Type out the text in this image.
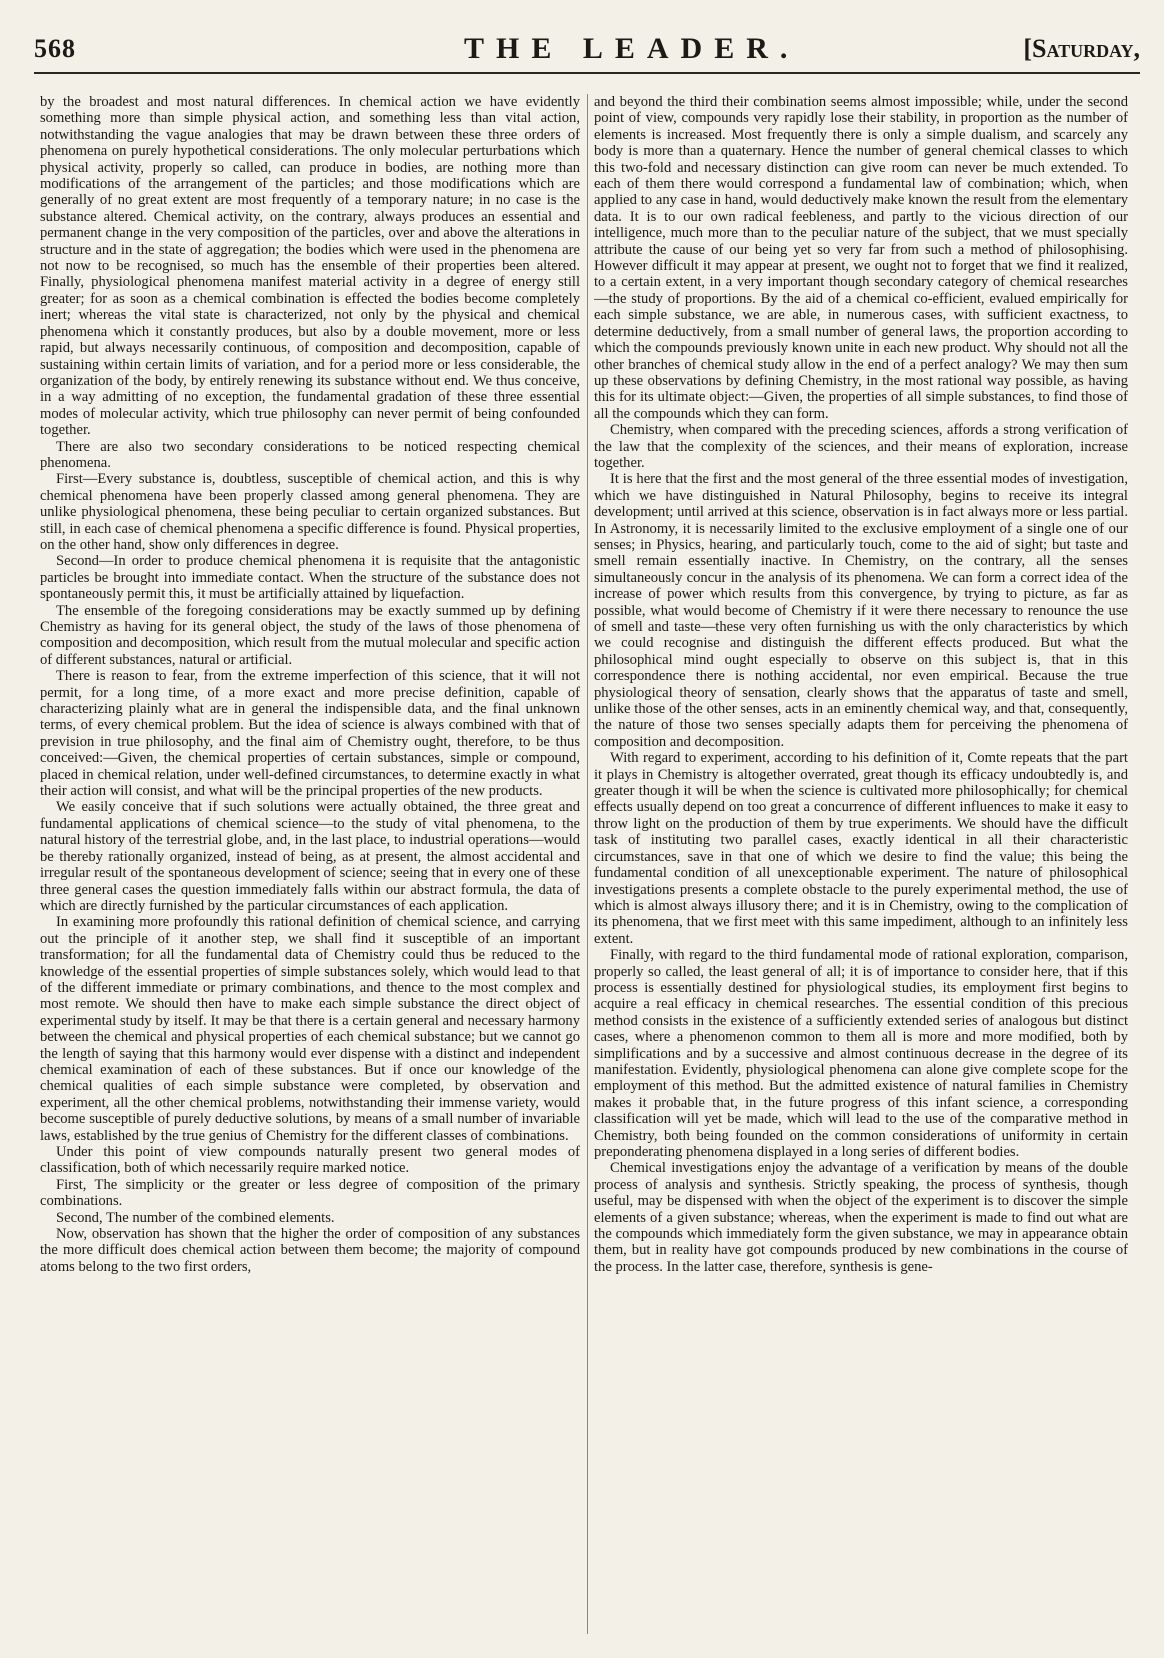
568	THE LEADER.	[Saturday,

by the broadest and most natural differences. In chemical action we have evidently something more than simple physical action, and something less than vital action, notwithstanding the vague analogies that may be drawn between these three orders of phenomena on purely hypothetical considerations. The only molecular perturbations which physical activity, properly so called, can produce in bodies, are nothing more than modifications of the arrangement of the particles; and those modifications which are generally of no great extent are most frequently of a temporary nature; in no case is the substance altered. Chemical activity, on the contrary, always produces an essential and permanent change in the very composition of the particles, over and above the alterations in structure and in the state of aggregation; the bodies which were used in the phenomena are not now to be recognised, so much has the ensemble of their properties been altered. Finally, physiological phenomena manifest material activity in a degree of energy still greater; for as soon as a chemical combination is effected the bodies become completely inert; whereas the vital state is characterized, not only by the physical and chemical phenomena which it constantly produces, but also by a double movement, more or less rapid, but always necessarily continuous, of composition and decomposition, capable of sustaining within certain limits of variation, and for a period more or less considerable, the organization of the body, by entirely renewing its substance without end. We thus conceive, in a way admitting of no exception, the fundamental gradation of these three essential modes of molecular activity, which true philosophy can never permit of being confounded together.

There are also two secondary considerations to be noticed respecting chemical phenomena.

First—Every substance is, doubtless, susceptible of chemical action, and this is why chemical phenomena have been properly classed among general phenomena. They are unlike physiological phenomena, these being peculiar to certain organized substances. But still, in each case of chemical phenomena a specific difference is found. Physical properties, on the other hand, show only differences in degree.

Second—In order to produce chemical phenomena it is requisite that the antagonistic particles be brought into immediate contact. When the structure of the substance does not spontaneously permit this, it must be artificially attained by liquefaction.

The ensemble of the foregoing considerations may be exactly summed up by defining Chemistry as having for its general object, the study of the laws of those phenomena of composition and decomposition, which result from the mutual molecular and specific action of different substances, natural or artificial.

There is reason to fear, from the extreme imperfection of this science, that it will not permit, for a long time, of a more exact and more precise definition, capable of characterizing plainly what are in general the indispensible data, and the final unknown terms, of every chemical problem. But the idea of science is always combined with that of prevision in true philosophy, and the final aim of Chemistry ought, therefore, to be thus conceived:—Given, the chemical properties of certain substances, simple or compound, placed in chemical relation, under well-defined circumstances, to determine exactly in what their action will consist, and what will be the principal properties of the new products.

We easily conceive that if such solutions were actually obtained, the three great and fundamental applications of chemical science—to the study of vital phenomena, to the natural history of the terrestrial globe, and, in the last place, to industrial operations—would be thereby rationally organized, instead of being, as at present, the almost accidental and irregular result of the spontaneous development of science; seeing that in every one of these three general cases the question immediately falls within our abstract formula, the data of which are directly furnished by the particular circumstances of each application.

In examining more profoundly this rational definition of chemical science, and carrying out the principle of it another step, we shall find it susceptible of an important transformation; for all the fundamental data of Chemistry could thus be reduced to the knowledge of the essential properties of simple substances solely, which would lead to that of the different immediate or primary combinations, and thence to the most complex and most remote. We should then have to make each simple substance the direct object of experimental study by itself. It may be that there is a certain general and necessary harmony between the chemical and physical properties of each chemical substance; but we cannot go the length of saying that this harmony would ever dispense with a distinct and independent chemical examination of each of these substances. But if once our knowledge of the chemical qualities of each simple substance were completed, by observation and experiment, all the other chemical problems, notwithstanding their immense variety, would become susceptible of purely deductive solutions, by means of a small number of invariable laws, established by the true genius of Chemistry for the different classes of combinations.

Under this point of view compounds naturally present two general modes of classification, both of which necessarily require marked notice.

First, The simplicity or the greater or less degree of composition of the primary combinations.

Second, The number of the combined elements.

Now, observation has shown that the higher the order of composition of any substances the more difficult does chemical action between them become; the majority of compound atoms belong to the two first orders,

and beyond the third their combination seems almost impossible; while, under the second point of view, compounds very rapidly lose their stability, in proportion as the number of elements is increased. Most frequently there is only a simple dualism, and scarcely any body is more than a quaternary. Hence the number of general chemical classes to which this two-fold and necessary distinction can give room can never be much extended. To each of them there would correspond a fundamental law of combination; which, when applied to any case in hand, would deductively make known the result from the elementary data. It is to our own radical feebleness, and partly to the vicious direction of our intelligence, much more than to the peculiar nature of the subject, that we must specially attribute the cause of our being yet so very far from such a method of philosophising. However difficult it may appear at present, we ought not to forget that we find it realized, to a certain extent, in a very important though secondary category of chemical researches—the study of proportions. By the aid of a chemical co-efficient, evalued empirically for each simple substance, we are able, in numerous cases, with sufficient exactness, to determine deductively, from a small number of general laws, the proportion according to which the compounds previously known unite in each new product. Why should not all the other branches of chemical study allow in the end of a perfect analogy? We may then sum up these observations by defining Chemistry, in the most rational way possible, as having this for its ultimate object:—Given, the properties of all simple substances, to find those of all the compounds which they can form.

Chemistry, when compared with the preceding sciences, affords a strong verification of the law that the complexity of the sciences, and their means of exploration, increase together.

It is here that the first and the most general of the three essential modes of investigation, which we have distinguished in Natural Philosophy, begins to receive its integral development; until arrived at this science, observation is in fact always more or less partial. In Astronomy, it is necessarily limited to the exclusive employment of a single one of our senses; in Physics, hearing, and particularly touch, come to the aid of sight; but taste and smell remain essentially inactive. In Chemistry, on the contrary, all the senses simultaneously concur in the analysis of its phenomena. We can form a correct idea of the increase of power which results from this convergence, by trying to picture, as far as possible, what would become of Chemistry if it were there necessary to renounce the use of smell and taste—these very often furnishing us with the only characteristics by which we could recognise and distinguish the different effects produced. But what the philosophical mind ought especially to observe on this subject is, that in this correspondence there is nothing accidental, nor even empirical. Because the true physiological theory of sensation, clearly shows that the apparatus of taste and smell, unlike those of the other senses, acts in an eminently chemical way, and that, consequently, the nature of those two senses specially adapts them for perceiving the phenomena of composition and decomposition.

With regard to experiment, according to his definition of it, Comte repeats that the part it plays in Chemistry is altogether overrated, great though its efficacy undoubtedly is, and greater though it will be when the science is cultivated more philosophically; for chemical effects usually depend on too great a concurrence of different influences to make it easy to throw light on the production of them by true experiments. We should have the difficult task of instituting two parallel cases, exactly identical in all their characteristic circumstances, save in that one of which we desire to find the value; this being the fundamental condition of all unexceptionable experiment. The nature of philosophical investigations presents a complete obstacle to the purely experimental method, the use of which is almost always illusory there; and it is in Chemistry, owing to the complication of its phenomena, that we first meet with this same impediment, although to an infinitely less extent.

Finally, with regard to the third fundamental mode of rational exploration, comparison, properly so called, the least general of all; it is of importance to consider here, that if this process is essentially destined for physiological studies, its employment first begins to acquire a real efficacy in chemical researches. The essential condition of this precious method consists in the existence of a sufficiently extended series of analogous but distinct cases, where a phenomenon common to them all is more and more modified, both by simplifications and by a successive and almost continuous decrease in the degree of its manifestation. Evidently, physiological phenomena can alone give complete scope for the employment of this method. But the admitted existence of natural families in Chemistry makes it probable that, in the future progress of this infant science, a corresponding classification will yet be made, which will lead to the use of the comparative method in Chemistry, both being founded on the common considerations of uniformity in certain preponderating phenomena displayed in a long series of different bodies.

Chemical investigations enjoy the advantage of a verification by means of the double process of analysis and synthesis. Strictly speaking, the process of synthesis, though useful, may be dispensed with when the object of the experiment is to discover the simple elements of a given substance; whereas, when the experiment is made to find out what are the compounds which immediately form the given substance, we may in appearance obtain them, but in reality have got compounds produced by new combinations in the course of the process. In the latter case, therefore, synthesis is gene-
